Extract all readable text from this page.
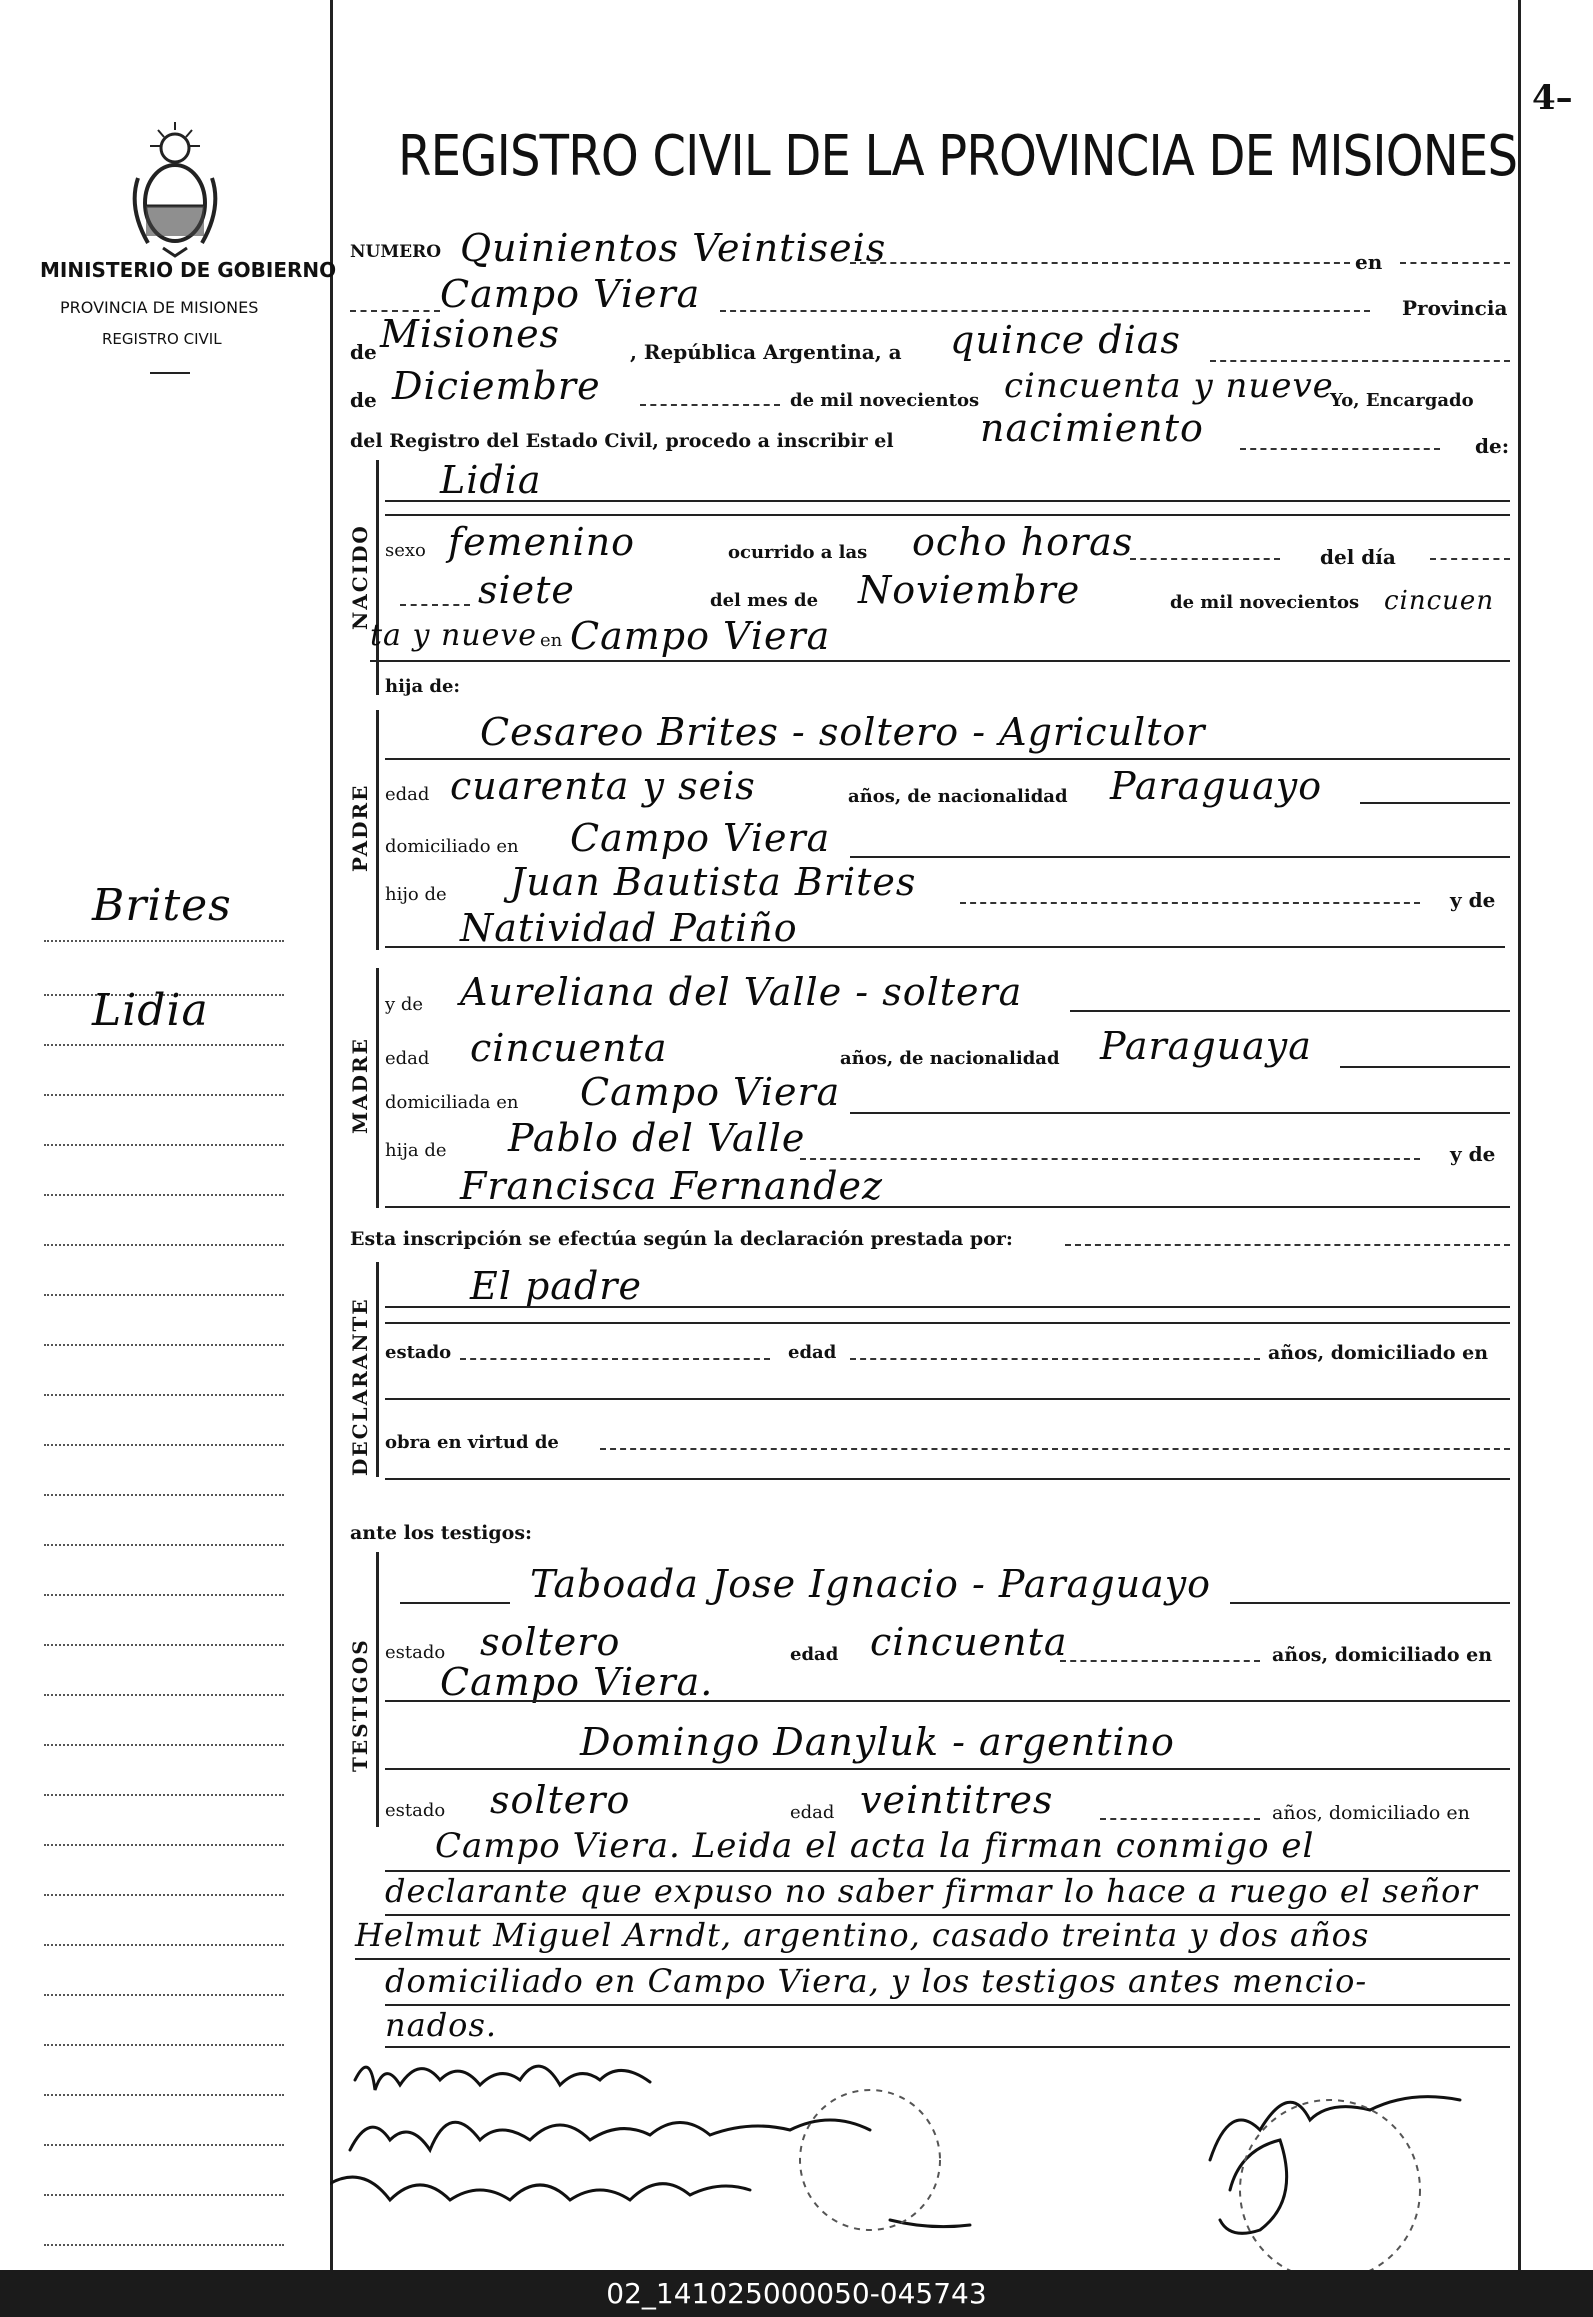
4–
MINISTERIO DE GOBIERNO
PROVINCIA DE MISIONES
REGISTRO CIVIL
REGISTRO CIVIL DE LA PROVINCIA DE MISIONES
Brites
Lidia
NUMERO Quinientos Veintiseis	en
Campo Viera	Provincia
de Misiones	, República Argentina, a quince dias
de Diciembre	de mil novecientos cincuenta y nueve
Yo, Encargado
del Registro del Estado Civil, procedo a inscribir el nacimiento	de:
NACIDO
Lidia
sexo femenino	ocurrido a las ocho horas	del día
siete	del mes de Noviembre	de mil novecientos cincuen
ta y nueve en Campo Viera
hija de:
PADRE
Cesareo Brites - soltero - Agricultor
edad cuarenta y seis	años, de nacionalidad Paraguayo
domiciliado en Campo Viera
hijo de Juan Bautista Brites	y de
Natividad Patiño
MADRE
y de Aureliana del Valle - soltera
edad cincuenta	años, de nacionalidad Paraguaya
domiciliada en Campo Viera
hija de Pablo del Valle	y de
Francisca Fernandez
Esta inscripción se efectúa según la declaración prestada por:
DECLARANTE
El padre
estado	edad	años, domiciliado en
obra en virtud de
ante los testigos:
TESTIGOS
Taboada Jose Ignacio - Paraguayo
estado soltero	edad cincuenta	años, domiciliado en
Campo Viera.
Domingo Danyluk - argentino
estado soltero	edad veintitres	años, domiciliado en
Campo Viera. Leida el acta la firman conmigo el
declarante que expuso no saber firmar lo hace a ruego el señor
Helmut Miguel Arndt, argentino, casado treinta y dos años
domiciliado en Campo Viera, y los testigos antes mencio-
nados.
02_141025000050-045743
